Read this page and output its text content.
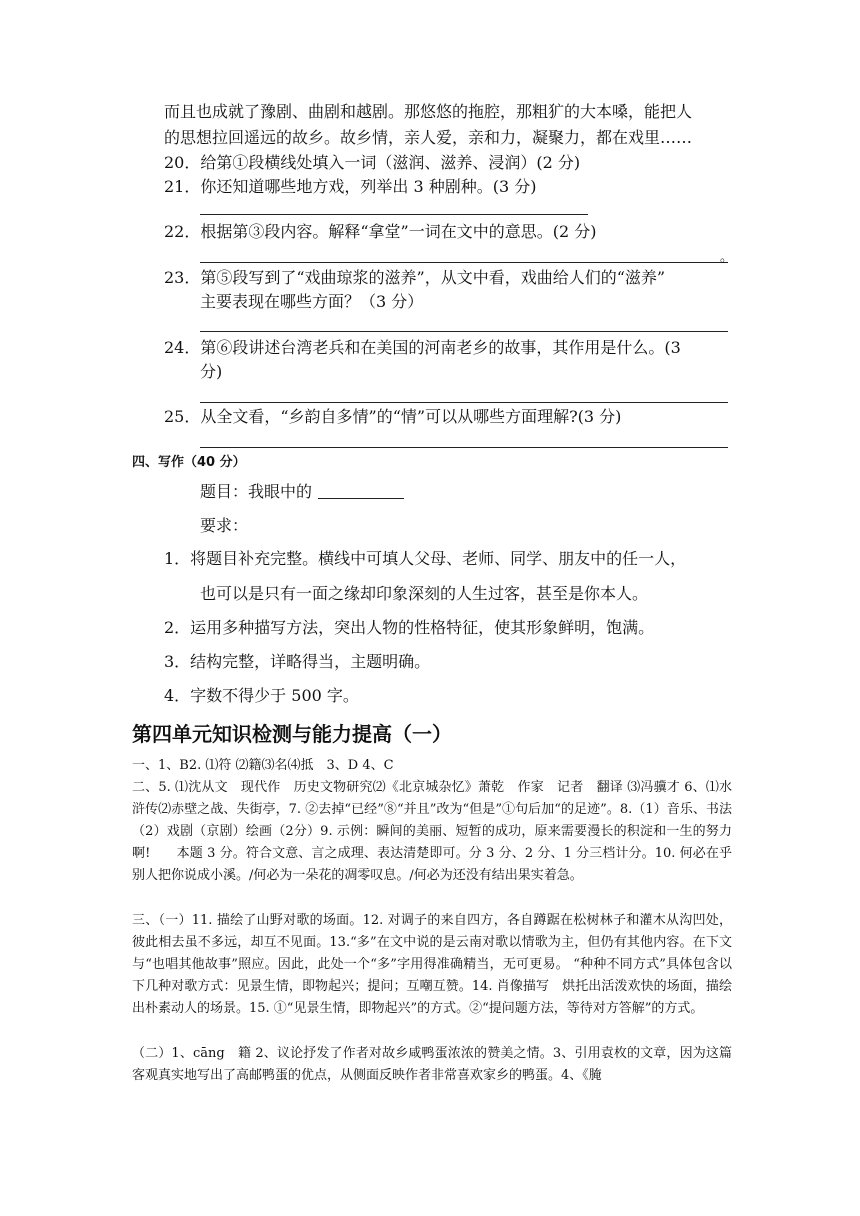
而且也成就了豫剧、曲剧和越剧。那悠悠的拖腔，那粗犷的大本嗓，能把人
的思想拉回遥远的故乡。故乡情，亲人爱，亲和力，凝聚力，都在戏里……
20．给第①段横线处填入一词（滋润、滋养、浸润）(2 分)
21．你还知道哪些地方戏，列举出 3 种剧种。(3 分)
22．根据第③段内容。解释“拿堂”一词在文中的意思。(2 分)
。
23．第⑤段写到了“戏曲琼浆的滋养”，从文中看，戏曲给人们的“滋养”
主要表现在哪些方面？（3 分）
24．第⑥段讲述台湾老兵和在美国的河南老乡的故事，其作用是什么。(3
分)
25．从全文看，“乡韵自多情”的“情”可以从哪些方面理解?(3 分)
四、写作（40 分）
题目：我眼中的
要求：
1．将题目补充完整。横线中可填人父母、老师、同学、朋友中的任一人，
也可以是只有一面之缘却印象深刻的人生过客，甚至是你本人。
2．运用多种描写方法，突出人物的性格特征，使其形象鲜明，饱满。
3．结构完整，详略得当，主题明确。
4．字数不得少于 500 字。
第四单元知识检测与能力提高（一）
一、1、B2. ⑴符 ⑵籍⑶名⑷抵　3、D 4、C
二、5. ⑴沈从文　现代作　历史文物研究⑵《北京城杂忆》萧乾　作家　记者　翻译 ⑶冯骥才 6、⑴水浒传⑵赤壁之战、失街亭，7. ②去掉“已经”⑧“并且”改为“但是”①句后加“的足迹”。8.（1）音乐、书法（2）戏剧（京剧）绘画（2分）9. 示例：瞬间的美丽、短暂的成功，原来需要漫长的积淀和一生的努力啊!　　本题 3 分。符合文意、言之成理、表达清楚即可。分 3 分、2 分、1 分三档计分。10. 何必在乎别人把你说成小溪。/何必为一朵花的凋零叹息。/何必为还没有结出果实着急。
三、（一）11. 描绘了山野对歌的场面。12. 对调子的来自四方，各自蹲踞在松树林子和灌木从沟凹处，彼此相去虽不多远，却互不见面。13.“多”在文中说的是云南对歌以情歌为主，但仍有其他内容。在下文与“也唱其他故事”照应。因此，此处一个“多”字用得准确精当，无可更易。 “种种不同方式”具体包含以下几种对歌方式：见景生情，即物起兴；提问；互嘲互赞。14. 肖像描写　烘托出活泼欢快的场面，描绘出朴素动人的场景。15. ①“见景生情，即物起兴”的方式。②“提问题方法，等待对方答解”的方式。
（二）1、cāng　籍 2、议论抒发了作者对故乡咸鸭蛋浓浓的赞美之情。3、引用袁枚的文章，因为这篇客观真实地写出了高邮鸭蛋的优点，从侧面反映作者非常喜欢家乡的鸭蛋。4、《腌
